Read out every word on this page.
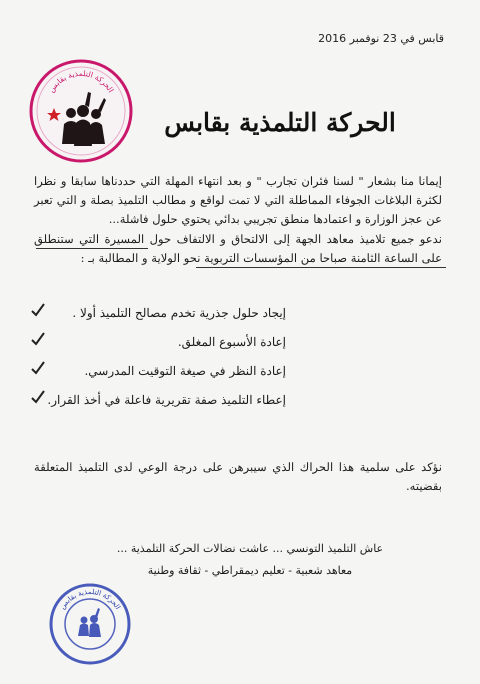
قابس في 23 نوفمبر 2016
الحركة التلمذية بقابس
الحركة التلمذية بقابس
إيمانا منا بشعار " لسنا فئران تجارب " و بعد انتهاء المهلة التي حددناها سابقا و نظرا لكثرة البلاغات الجوفاء المماطلة التي لا تمت لواقع و مطالب التلميذ بصلة و التي تعبر عن عجز الوزارة و اعتمادها منطق تجريبي بدائي يحتوي حلول فاشلة...
ندعو جميع تلاميذ معاهد الجهة إلى الالتحاق و الالتفاف حول المسيرة التي ستنطلق على الساعة الثامنة صباحا من المؤسسات التربوية نحو الولاية و المطالبة بـ :
إيجاد حلول جذرية تخدم مصالح التلميذ أولا .
إعادة الأسبوع المغلق.
إعادة النظر في صيغة التوقيت المدرسي.
إعطاء التلميذ صفة تقريرية فاعلة في أخذ القرار.
نؤكد على سلمية هذا الحراك الذي سيبرهن على درجة الوعي لدى التلميذ المتعلقة بقضيته.
عاش التلميذ التونسي ... عاشت نضالات الحركة التلمذية ...
معاهد شعبية - تعليم ديمقراطي - ثقافة وطنية
الحركة التلمذية بقابس
